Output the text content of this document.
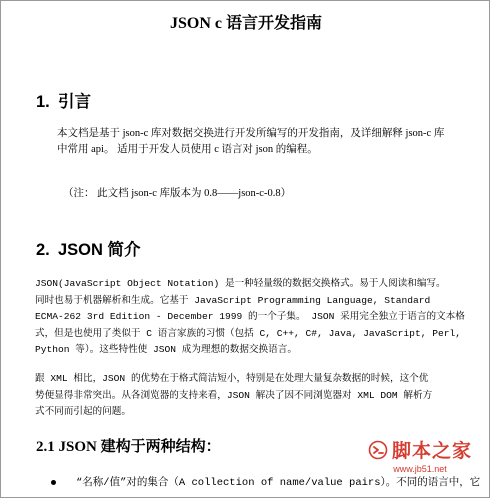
JSON c 语言开发指南
1. 引言
本文档是基于 json-c 库对数据交换进行开发所编写的开发指南，及详细解释 json-c 库
中常用 api。 适用于开发人员使用 c 语言对 json 的编程。
（注： 此文档 json-c 库版本为 0.8——json-c-0.8）
2. JSON 简介
JSON(JavaScript Object Notation) 是一种轻量级的数据交换格式。易于人阅读和编写。
同时也易于机器解析和生成。它基于 JavaScript Programming Language, Standard
ECMA-262 3rd Edition - December 1999 的一个子集。 JSON 采用完全独立于语言的文本格
式，但是也使用了类似于 C 语言家族的习惯（包括 C, C++, C#, Java, JavaScript, Perl,
Python 等）。这些特性使 JSON 成为理想的数据交换语言。
跟 XML 相比，JSON 的优势在于格式简洁短小，特别是在处理大量复杂数据的时候，这个优
势便显得非常突出。从各浏览器的支持来看，JSON 解决了因不同浏览器对 XML DOM 解析方
式不同而引起的问题。
2.1 JSON 建构于两种结构：
“名称/值”对的集合（A collection of name/value pairs）。不同的语言中，它
脚本之家
www.jb51.net
